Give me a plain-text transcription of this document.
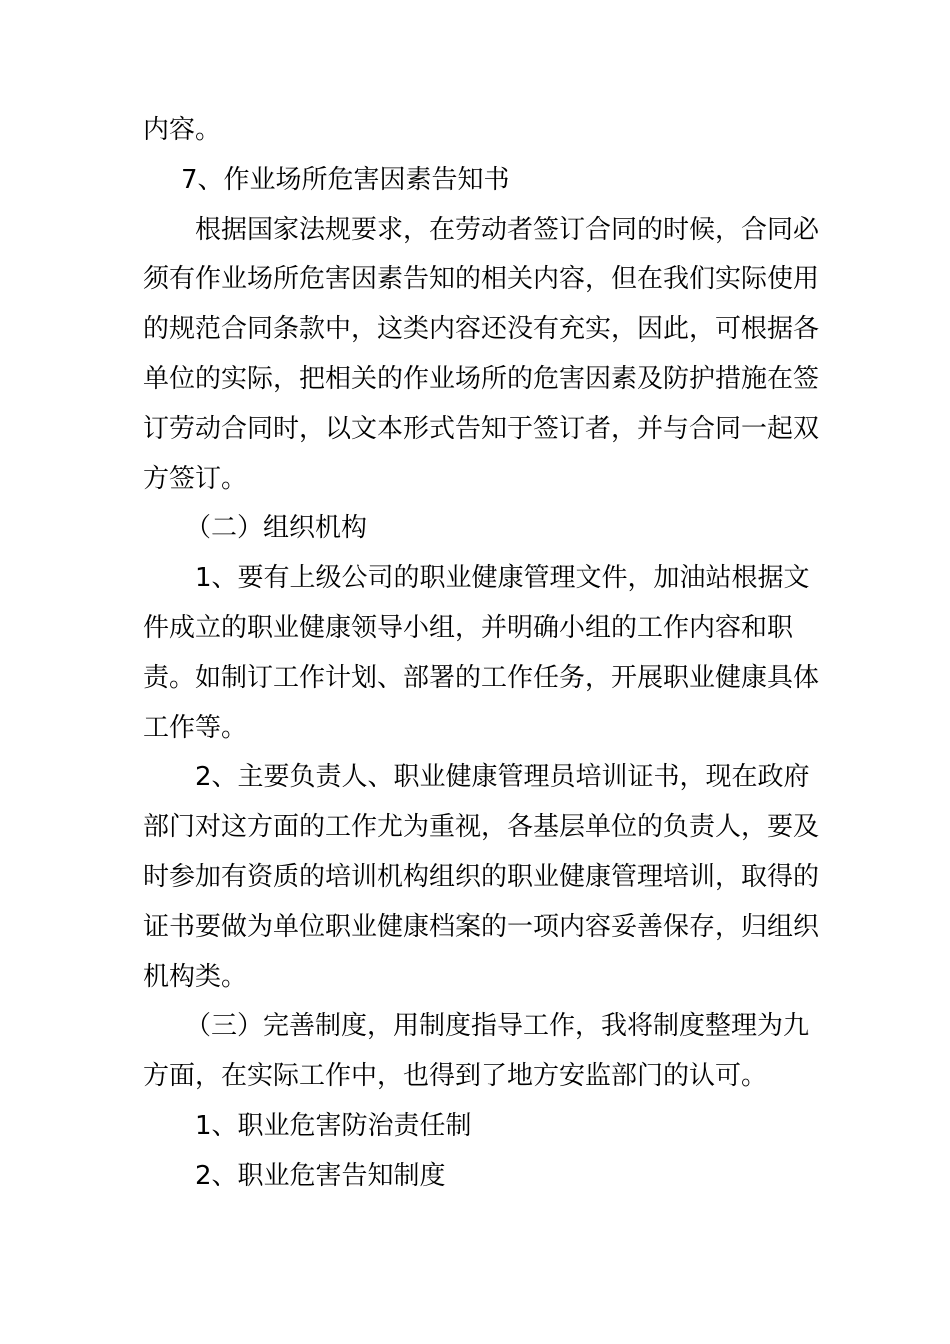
内容。
7、作业场所危害因素告知书
根据国家法规要求，在劳动者签订合同的时候，合同必
须有作业场所危害因素告知的相关内容，但在我们实际使用
的规范合同条款中，这类内容还没有充实，因此，可根据各
单位的实际，把相关的作业场所的危害因素及防护措施在签
订劳动合同时，以文本形式告知于签订者，并与合同一起双
方签订。
（二）组织机构
1、要有上级公司的职业健康管理文件，加油站根据文
件成立的职业健康领导小组，并明确小组的工作内容和职
责。如制订工作计划、部署的工作任务，开展职业健康具体
工作等。
2、主要负责人、职业健康管理员培训证书，现在政府
部门对这方面的工作尤为重视，各基层单位的负责人，要及
时参加有资质的培训机构组织的职业健康管理培训，取得的
证书要做为单位职业健康档案的一项内容妥善保存，归组织
机构类。
（三）完善制度，用制度指导工作，我将制度整理为九
方面，在实际工作中，也得到了地方安监部门的认可。
1、职业危害防治责任制
2、职业危害告知制度
